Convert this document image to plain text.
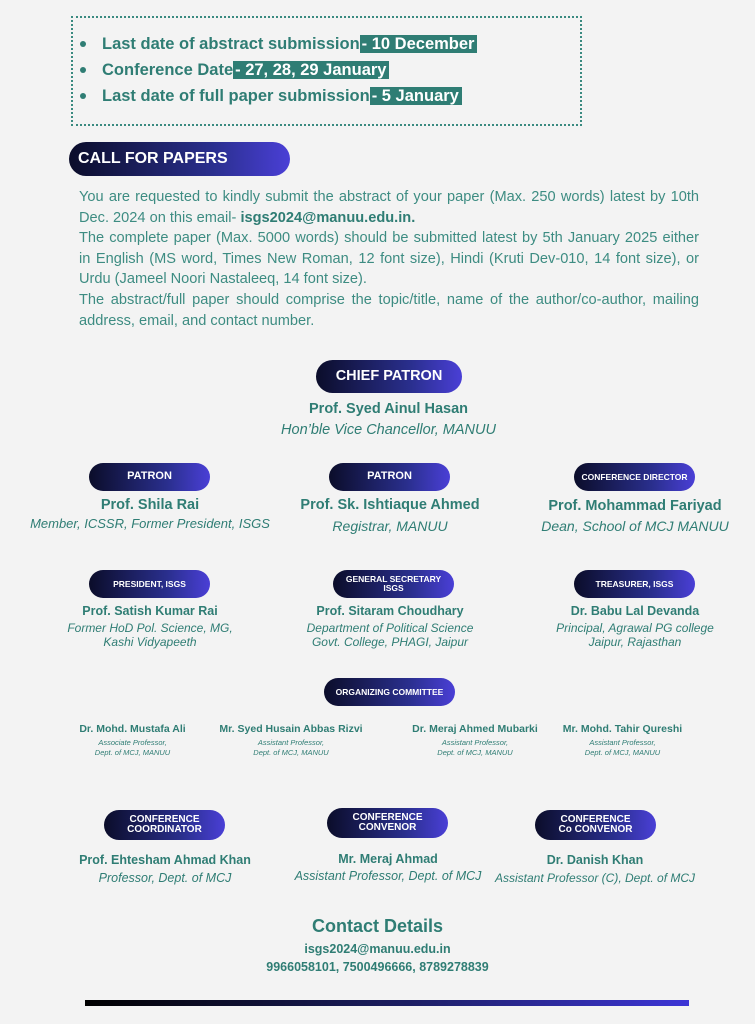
Last date of abstract submission - 10 December
Conference Date - 27, 28, 29 January
Last date of full paper submission - 5 January
CALL FOR PAPERS

You are requested to kindly submit the abstract of your paper (Max. 250 words) latest by 10th Dec. 2024 on this email- isgs2024@manuu.edu.in.

The complete paper (Max. 5000 words) should be submitted latest by 5th January 2025 either in English (MS word, Times New Roman, 12 font size), Hindi (Kruti Dev-010, 14 font size), or Urdu (Jameel Noori Nastaleeq, 14 font size).

The abstract/full paper should comprise the topic/title, name of the author/co-author, mailing address, email, and contact number.

CHIEF PATRON
Prof. Syed Ainul Hasan
Hon’ble Vice Chancellor, MANUU
PATRON
Prof. Shila Rai
Member, ICSSR, Former President, ISGS
PATRON
Prof. Sk. Ishtiaque Ahmed
Registrar, MANUU
CONFERENCE DIRECTOR
Prof. Mohammad Fariyad
Dean, School of MCJ MANUU
PRESIDENT, ISGS
Prof. Satish Kumar Rai
Former HoD Pol. Science, MG,
Kashi Vidyapeeth
GENERAL SECRETARY
ISGS
Prof. Sitaram Choudhary
Department of Political Science
Govt. College, PHAGI, Jaipur
TREASURER, ISGS
Dr. Babu Lal Devanda
Principal, Agrawal PG college
Jaipur, Rajasthan
ORGANIZING COMMITTEE
Dr. Mohd. Mustafa Ali
Associate Professor,
Dept. of MCJ, MANUU
Mr. Syed Husain Abbas Rizvi
Assistant Professor,
Dept. of MCJ, MANUU
Dr. Meraj Ahmed Mubarki
Assistant Professor,
Dept. of MCJ, MANUU
Mr. Mohd. Tahir Qureshi
Assistant Professor,
Dept. of MCJ, MANUU
CONFERENCE
COORDINATOR
Prof. Ehtesham Ahmad Khan
Professor, Dept. of MCJ
CONFERENCE
CONVENOR
Mr. Meraj Ahmad
Assistant Professor, Dept. of MCJ
CONFERENCE
Co CONVENOR
Dr. Danish Khan
Assistant Professor (C), Dept. of MCJ
Contact Details
isgs2024@manuu.edu.in
9966058101, 7500496666, 8789278839
